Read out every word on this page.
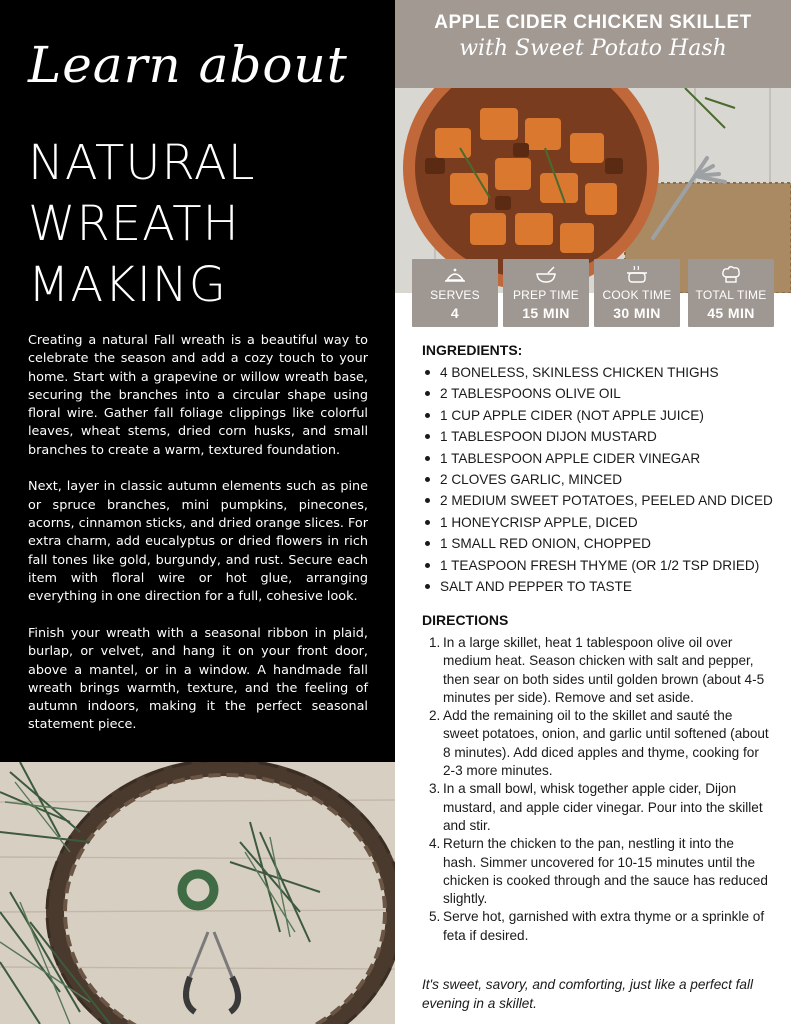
Learn about
NATURAL
WREATH
MAKING

Creating a natural Fall wreath is a beautiful way to celebrate the season and add a cozy touch to your home. Start with a grapevine or willow wreath base, securing the branches into a circular shape using floral wire. Gather fall foliage clippings like colorful leaves, wheat stems, dried corn husks, and small branches to create a warm, textured foundation.

Next, layer in classic autumn elements such as pine or spruce branches, mini pumpkins, pinecones, acorns, cinnamon sticks, and dried orange slices. For extra charm, add eucalyptus or dried flowers in rich fall tones like gold, burgundy, and rust. Secure each item with floral wire or hot glue, arranging everything in one direction for a full, cohesive look.

Finish your wreath with a seasonal ribbon in plaid, burlap, or velvet, and hang it on your front door, above a mantel, or in a window. A handmade fall wreath brings warmth, texture, and the feeling of autumn indoors, making it the perfect seasonal statement piece.

APPLE CIDER CHICKEN SKILLET
with Sweet Potato Hash
SERVES
4
PREP TIME
15 MIN
COOK TIME
30 MIN
TOTAL TIME
45 MIN
INGREDIENTS:
4 BONELESS, SKINLESS CHICKEN THIGHS
2 TABLESPOONS OLIVE OIL
1 CUP APPLE CIDER (NOT APPLE JUICE)
1 TABLESPOON DIJON MUSTARD
1 TABLESPOON APPLE CIDER VINEGAR
2 CLOVES GARLIC, MINCED
2 MEDIUM SWEET POTATOES, PEELED AND DICED
1 HONEYCRISP APPLE, DICED
1 SMALL RED ONION, CHOPPED
1 TEASPOON FRESH THYME (OR 1/2 TSP DRIED)
SALT AND PEPPER TO TASTE
DIRECTIONS
1. In a large skillet, heat 1 tablespoon olive oil over medium heat. Season chicken with salt and pepper, then sear on both sides until golden brown (about 4-5 minutes per side). Remove and set aside.
2. Add the remaining oil to the skillet and sauté the sweet potatoes, onion, and garlic until softened (about 8 minutes). Add diced apples and thyme, cooking for 2-3 more minutes.
3. In a small bowl, whisk together apple cider, Dijon mustard, and apple cider vinegar. Pour into the skillet and stir.
4. Return the chicken to the pan, nestling it into the hash. Simmer uncovered for 10-15 minutes until the chicken is cooked through and the sauce has reduced slightly.
5. Serve hot, garnished with extra thyme or a sprinkle of feta if desired.
It's sweet, savory, and comforting, just like a perfect fall evening in a skillet.
